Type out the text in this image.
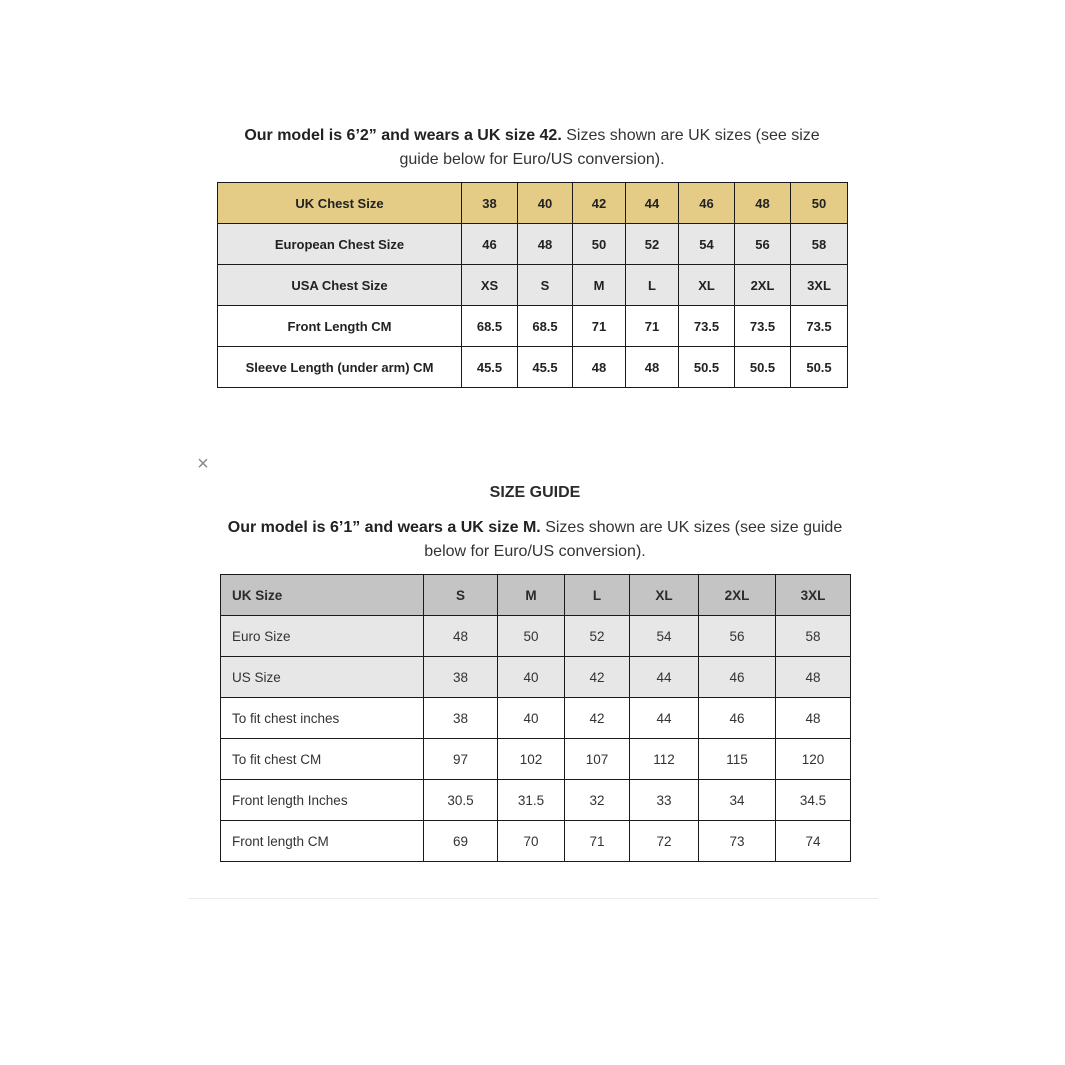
Our model is 6’2” and wears a UK size 42. Sizes shown are UK sizes (see size guide below for Euro/US conversion).
UK Chest Size	38	40	42	44	46	48	50
European Chest Size	46	48	50	52	54	56	58
USA Chest Size	XS	S	M	L	XL	2XL	3XL
Front Length CM	68.5	68.5	71	71	73.5	73.5	73.5
Sleeve Length (under arm) CM	45.5	45.5	48	48	50.5	50.5	50.5
×
SIZE GUIDE
Our model is 6’1” and wears a UK size M. Sizes shown are UK sizes (see size guide below for Euro/US conversion).
UK Size	S	M	L	XL	2XL	3XL
Euro Size	48	50	52	54	56	58
US Size	38	40	42	44	46	48
To fit chest inches	38	40	42	44	46	48
To fit chest CM	97	102	107	112	115	120
Front length Inches	30.5	31.5	32	33	34	34.5
Front length CM	69	70	71	72	73	74
